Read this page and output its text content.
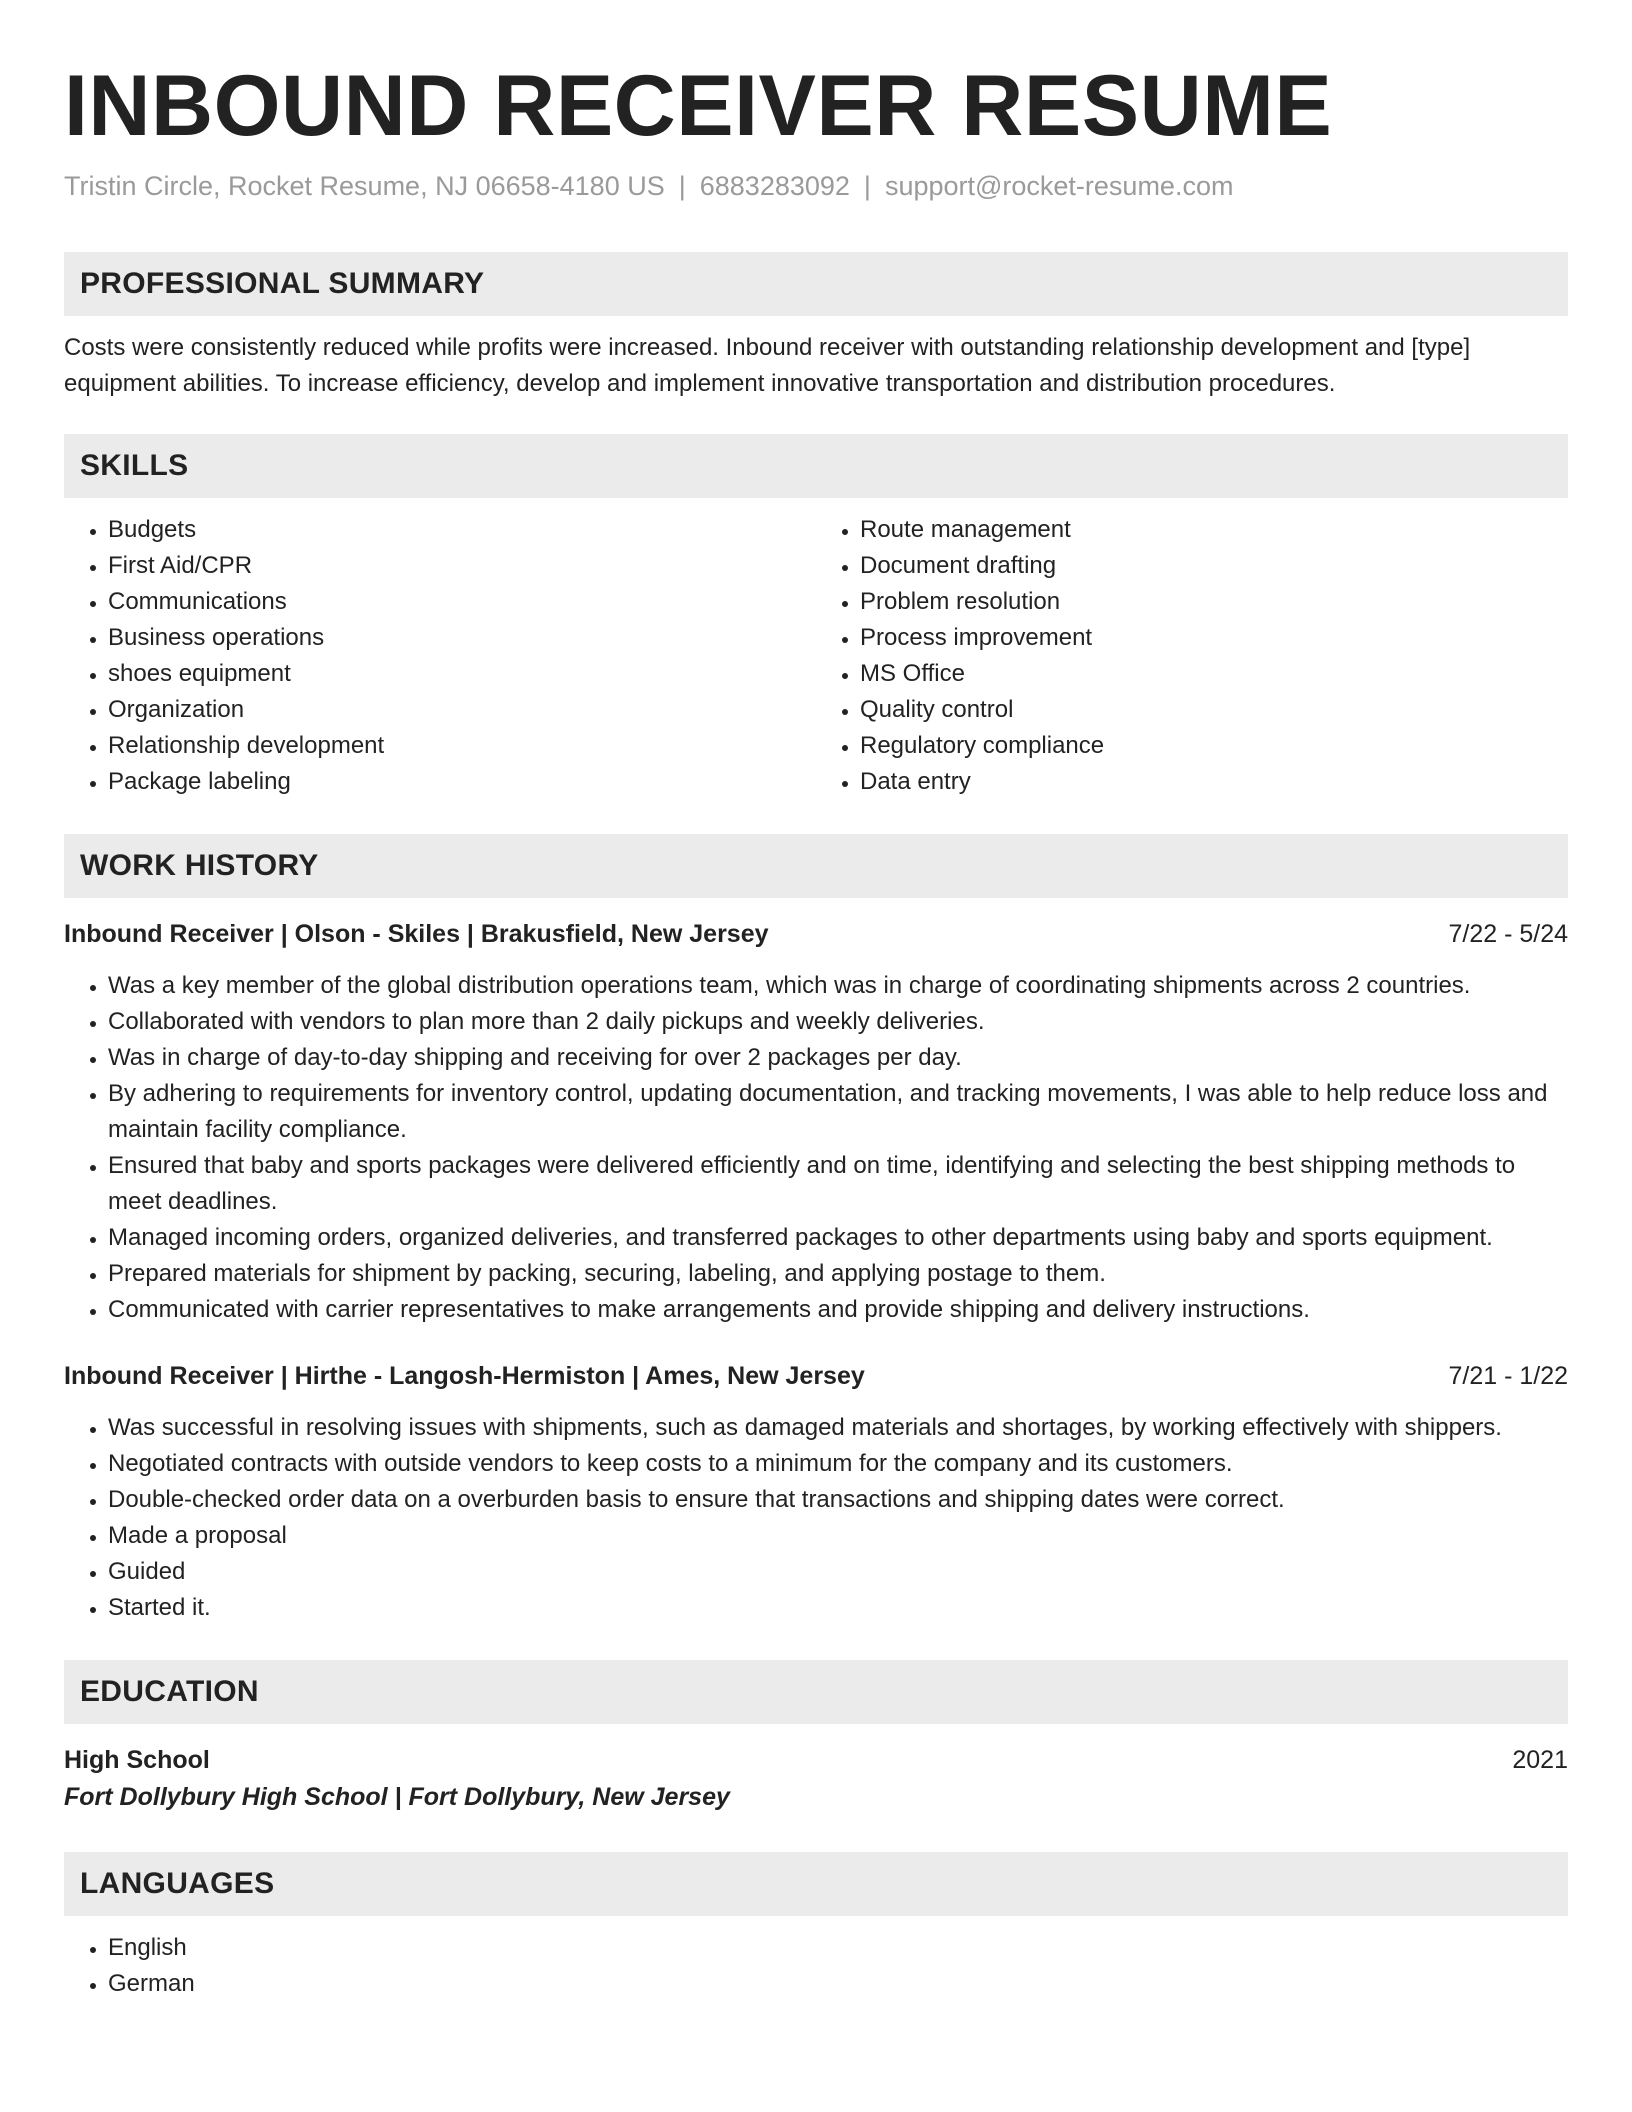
INBOUND RECEIVER RESUME
Tristin Circle, Rocket Resume, NJ 06658-4180 US | 6883283092 | support@rocket-resume.com
PROFESSIONAL SUMMARY

Costs were consistently reduced while profits were increased. Inbound receiver with outstanding relationship development and [type] equipment abilities. To increase efficiency, develop and implement innovative transportation and distribution procedures.

SKILLS
• Budgets
• First Aid/CPR
• Communications
• Business operations
• shoes equipment
• Organization
• Relationship development
• Package labeling
• Route management
• Document drafting
• Problem resolution
• Process improvement
• MS Office
• Quality control
• Regulatory compliance
• Data entry
WORK HISTORY
Inbound Receiver | Olson - Skiles | Brakusfield, New Jersey	7/22 - 5/24
• Was a key member of the global distribution operations team, which was in charge of coordinating shipments across 2 countries.
• Collaborated with vendors to plan more than 2 daily pickups and weekly deliveries.
• Was in charge of day-to-day shipping and receiving for over 2 packages per day.
• By adhering to requirements for inventory control, updating documentation, and tracking movements, I was able to help reduce loss and maintain facility compliance.
• Ensured that baby and sports packages were delivered efficiently and on time, identifying and selecting the best shipping methods to meet deadlines.
• Managed incoming orders, organized deliveries, and transferred packages to other departments using baby and sports equipment.
• Prepared materials for shipment by packing, securing, labeling, and applying postage to them.
• Communicated with carrier representatives to make arrangements and provide shipping and delivery instructions.
Inbound Receiver | Hirthe - Langosh-Hermiston | Ames, New Jersey	7/21 - 1/22
• Was successful in resolving issues with shipments, such as damaged materials and shortages, by working effectively with shippers.
• Negotiated contracts with outside vendors to keep costs to a minimum for the company and its customers.
• Double-checked order data on a overburden basis to ensure that transactions and shipping dates were correct.
• Made a proposal
• Guided
• Started it.
EDUCATION
High School	2021
Fort Dollybury High School | Fort Dollybury, New Jersey
LANGUAGES
• English
• German
